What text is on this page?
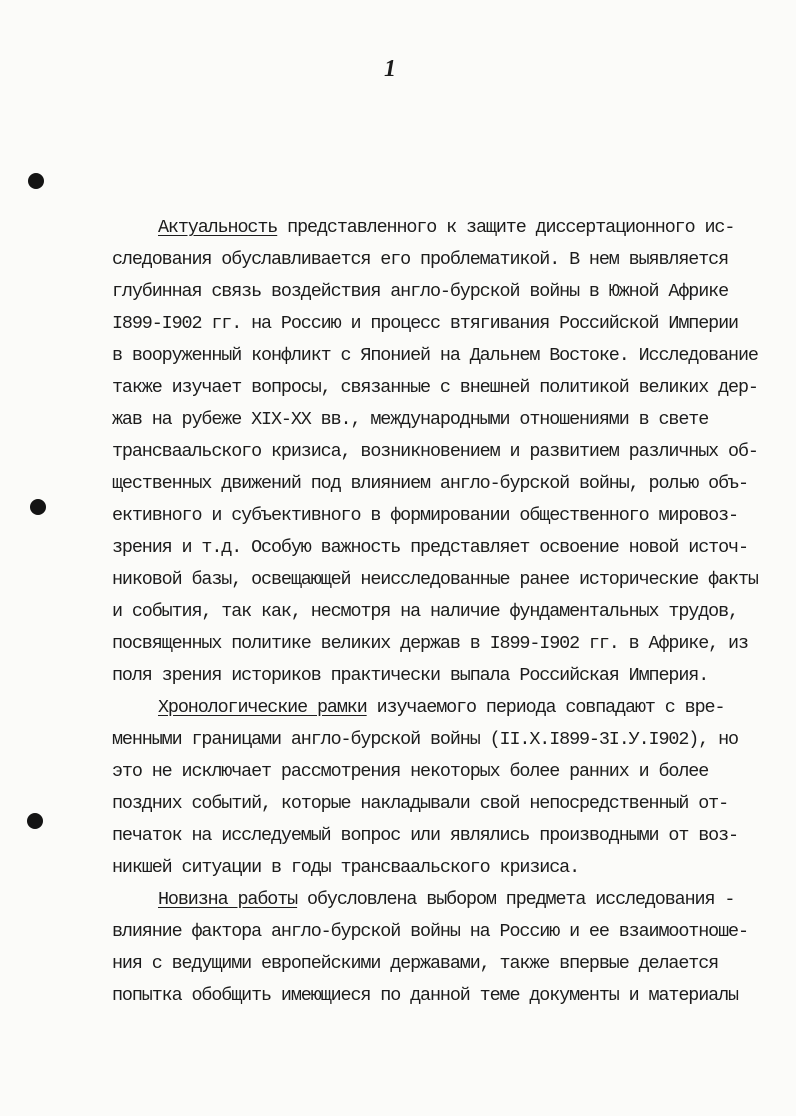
1
Актуальность представленного к защите диссертационного ис-
следования обуславливается его проблематикой. В нем выявляется
глубинная связь воздействия англо-бурской войны в Южной Африке
I899-I902 гг. на Россию и процесс втягивания Российской Империи
в вооруженный конфликт с Японией на Дальнем Востоке. Исследование
также изучает вопросы, связанные с внешней политикой великих дер-
жав на рубеже XIX-XX вв., международными отношениями в свете
трансваальского кризиса, возникновением и развитием различных об-
щественных движений под влиянием англо-бурской войны, ролью объ-
ективного и субъективного в формировании общественного мировоз-
зрения и т.д. Особую важность представляет освоение новой источ-
никовой базы, освещающей неисследованные ранее исторические факты
и события, так как, несмотря на наличие фундаментальных трудов,
посвященных политике великих держав в I899-I902 гг. в Африке, из
поля зрения историков практически выпала Российская Империя.
Хронологические рамки изучаемого периода совпадают с вре-
менными границами англо-бурской войны (II.X.I899-3I.У.I902), но
это не исключает рассмотрения некоторых более ранних и более
поздних событий, которые накладывали свой непосредственный от-
печаток на исследуемый вопрос или являлись производными от воз-
никшей ситуации в годы трансваальского кризиса.
Новизна работы обусловлена выбором предмета исследования -
влияние фактора англо-бурской войны на Россию и ее взаимоотноше-
ния с ведущими европейскими державами, также впервые делается
попытка обобщить имеющиеся по данной теме документы и материалы
